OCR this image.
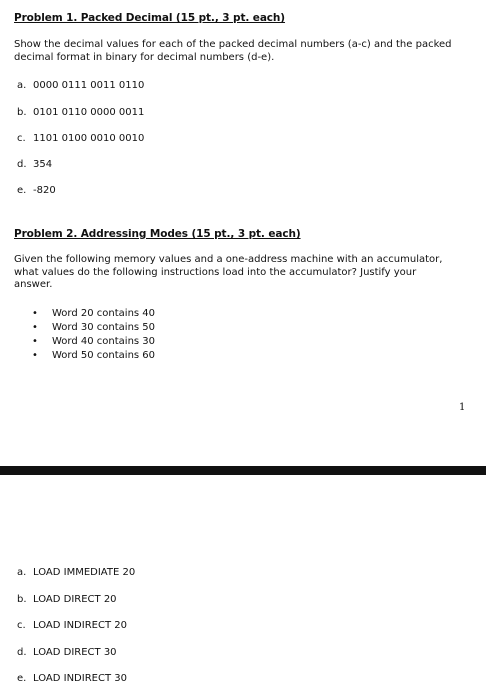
Problem 1. Packed Decimal (15 pt., 3 pt. each)
Show the decimal values for each of the packed decimal numbers (a-c) and the packed
decimal format in binary for decimal numbers (d-e).
a. 0000 0111 0011 0110
b. 0101 0110 0000 0011
c. 1101 0100 0010 0010
d. 354
e. -820
Problem 2. Addressing Modes (15 pt., 3 pt. each)
Given the following memory values and a one-address machine with an accumulator,
what values do the following instructions load into the accumulator? Justify your
answer.
• Word 20 contains 40
• Word 30 contains 50
• Word 40 contains 30
• Word 50 contains 60
1
a. LOAD IMMEDIATE 20
b. LOAD DIRECT 20
c. LOAD INDIRECT 20
d. LOAD DIRECT 30
e. LOAD INDIRECT 30
